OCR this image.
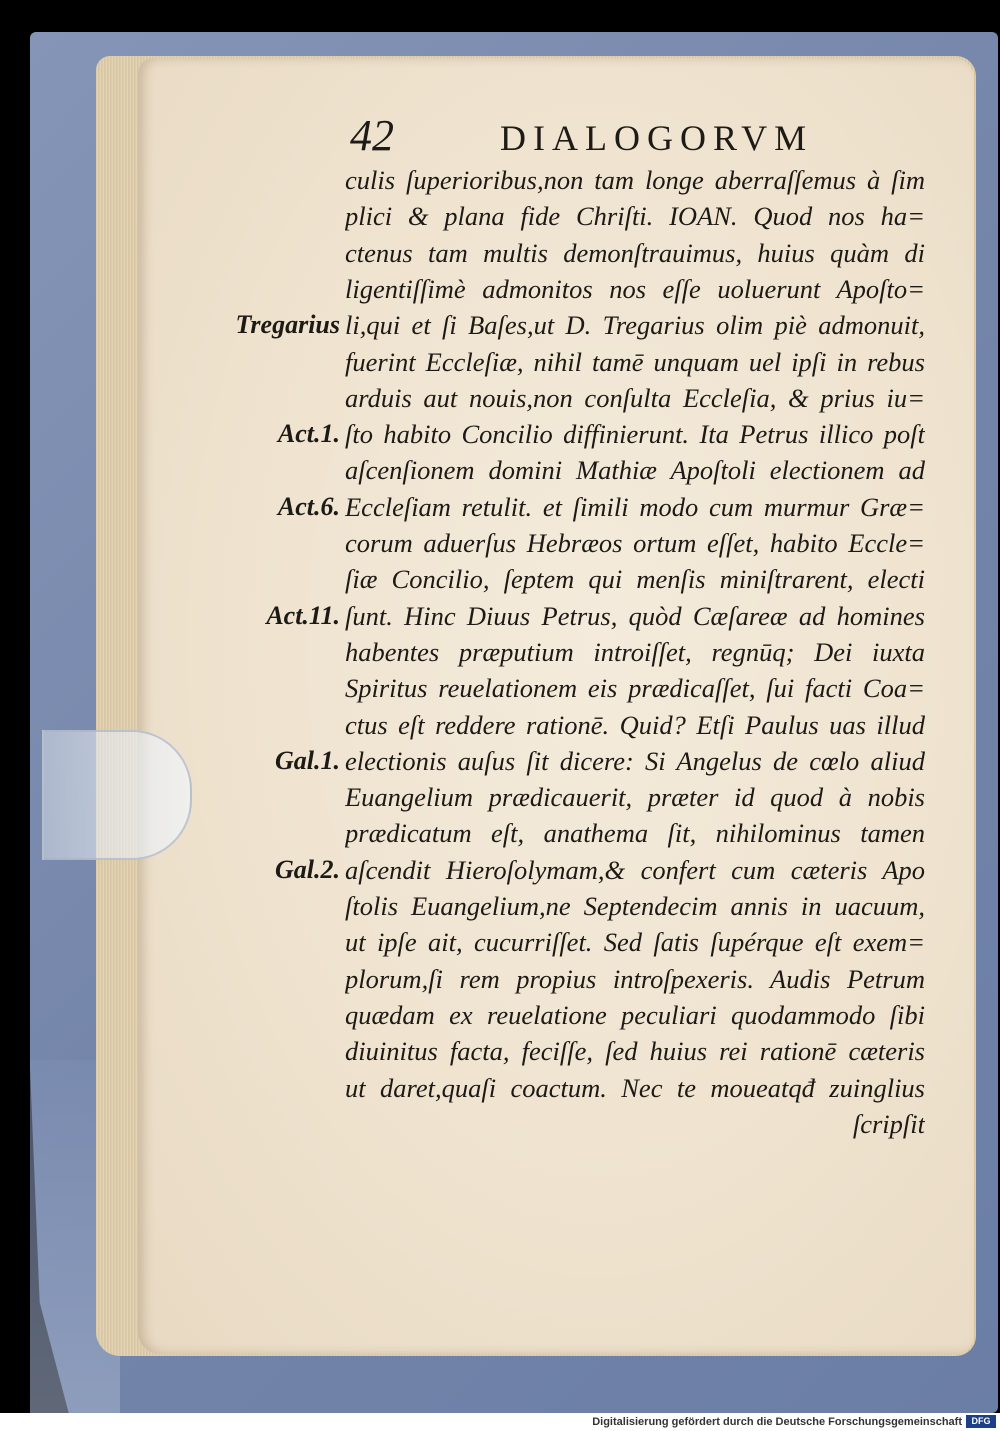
42	DIALOGORVM
culis ſuperioribus,non tam longe aberraſſemus à ſim
plici & plana fide Chriſti. IOAN. Quod nos ha=
ctenus tam multis demonſtrauimus, huius quàm di
ligentiſſimè admonitos nos eſſe uoluerunt Apoſto=
li,qui et ſi Baſes,ut D. Tregarius olim piè admonuit,
fuerint Eccleſiæ, nihil tamē unquam uel ipſi in rebus
arduis aut nouis,non conſulta Eccleſia, & prius iu=
ſto habito Concilio diffinierunt. Ita Petrus illico poſt
aſcenſionem domini Mathiæ Apoſtoli electionem ad
Eccleſiam retulit. et ſimili modo cum murmur Græ=
corum aduerſus Hebræos ortum eſſet, habito Eccle=
ſiæ Concilio, ſeptem qui menſis miniſtrarent, electi
ſunt. Hinc Diuus Petrus, quòd Cæſareæ ad homines
habentes præputium introiſſet, regnūq; Dei iuxta
Spiritus reuelationem eis prædicaſſet, ſui facti Coa=
ctus eſt reddere rationē. Quid? Etſi Paulus uas illud
electionis auſus ſit dicere: Si Angelus de cœlo aliud
Euangelium prædicauerit, præter id quod à nobis
prædicatum eſt, anathema ſit, nihilominus tamen
aſcendit Hieroſolymam,& confert cum cæteris Apo
ſtolis Euangelium,ne Septendecim annis in uacuum,
ut ipſe ait, cucurriſſet. Sed ſatis ſupérque eſt exem=
plorum,ſi rem propius introſpexeris. Audis Petrum
quædam ex reuelatione peculiari quodammodo ſibi
diuinitus facta, feciſſe, ſed huius rei rationē cæteris
ut daret,quaſi coactum. Nec te moueatqđ zuinglius
ſcripſit
Tregarius
Act.1.
Act.6.
Act.11.
Gal.1.
Gal.2.
Digitalisierung gefördert durch die Deutsche Forschungsgemeinschaft	DFG
